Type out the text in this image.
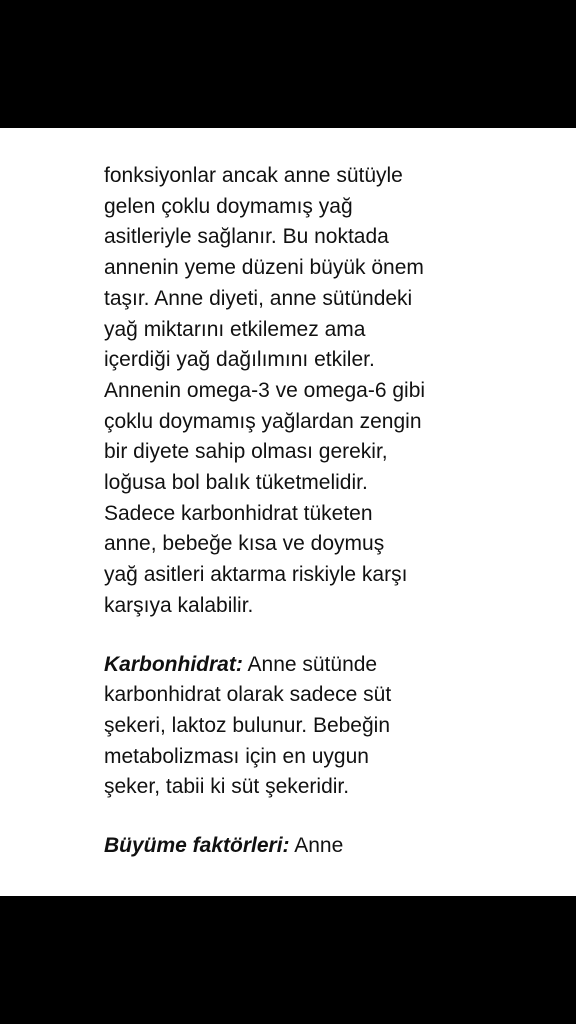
fonksiyonlar ancak anne sütüyle
gelen çoklu doymamış yağ
asitleriyle sağlanır. Bu noktada
annenin yeme düzeni büyük önem
taşır. Anne diyeti, anne sütündeki
yağ miktarını etkilemez ama
içerdiği yağ dağılımını etkiler.
Annenin omega-3 ve omega-6 gibi
çoklu doymamış yağlardan zengin
bir diyete sahip olması gerekir,
loğusa bol balık tüketmelidir.
Sadece karbonhidrat tüketen
anne, bebeğe kısa ve doymuş
yağ asitleri aktarma riskiyle karşı
karşıya kalabilir.
Karbonhidrat: Anne sütünde
karbonhidrat olarak sadece süt
şekeri, laktoz bulunur. Bebeğin
metabolizması için en uygun
şeker, tabii ki süt şekeridir.
Büyüme faktörleri: Anne
